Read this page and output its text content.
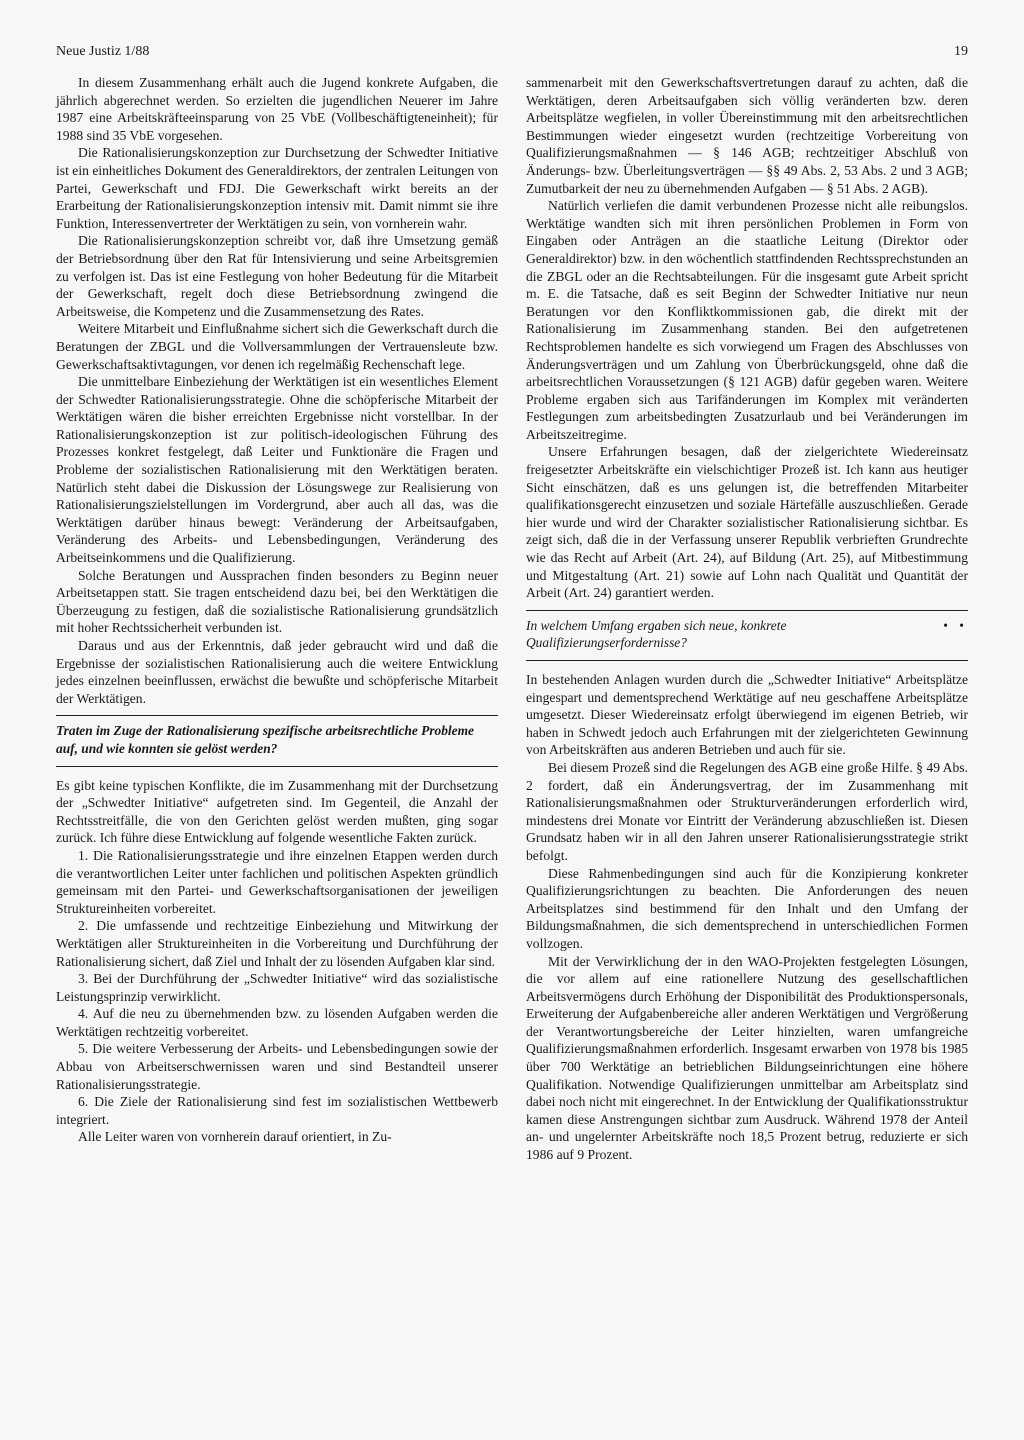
Neue Justiz 1/88	19

In diesem Zusammenhang erhält auch die Jugend konkrete Aufgaben, die jährlich abgerechnet werden. So erzielten die jugendlichen Neuerer im Jahre 1987 eine Arbeitskräfteeinsparung von 25 VbE (Vollbeschäftigteneinheit); für 1988 sind 35 VbE vorgesehen.

Die Rationalisierungskonzeption zur Durchsetzung der Schwedter Initiative ist ein einheitliches Dokument des Generaldirektors, der zentralen Leitungen von Partei, Gewerkschaft und FDJ. Die Gewerkschaft wirkt bereits an der Erarbeitung der Rationalisierungskonzeption intensiv mit. Damit nimmt sie ihre Funktion, Interessenvertreter der Werktätigen zu sein, von vornherein wahr.

Die Rationalisierungskonzeption schreibt vor, daß ihre Umsetzung gemäß der Betriebsordnung über den Rat für Intensivierung und seine Arbeitsgremien zu verfolgen ist. Das ist eine Festlegung von hoher Bedeutung für die Mitarbeit der Gewerkschaft, regelt doch diese Betriebsordnung zwingend die Arbeitsweise, die Kompetenz und die Zusammensetzung des Rates.

Weitere Mitarbeit und Einflußnahme sichert sich die Gewerkschaft durch die Beratungen der ZBGL und die Vollversammlungen der Vertrauensleute bzw. Gewerkschaftsaktivtagungen, vor denen ich regelmäßig Rechenschaft lege.

Die unmittelbare Einbeziehung der Werktätigen ist ein wesentliches Element der Schwedter Rationalisierungsstrategie. Ohne die schöpferische Mitarbeit der Werktätigen wären die bisher erreichten Ergebnisse nicht vorstellbar. In der Rationalisierungskonzeption ist zur politisch-ideologischen Führung des Prozesses konkret festgelegt, daß Leiter und Funktionäre die Fragen und Probleme der sozialistischen Rationalisierung mit den Werktätigen beraten. Natürlich steht dabei die Diskussion der Lösungswege zur Realisierung von Rationalisierungszielstellungen im Vordergrund, aber auch all das, was die Werktätigen darüber hinaus bewegt: Veränderung der Arbeitsaufgaben, Veränderung des Arbeits- und Lebensbedingungen, Veränderung des Arbeitseinkommens und die Qualifizierung.

Solche Beratungen und Aussprachen finden besonders zu Beginn neuer Arbeitsetappen statt. Sie tragen entscheidend dazu bei, bei den Werktätigen die Überzeugung zu festigen, daß die sozialistische Rationalisierung grundsätzlich mit hoher Rechtssicherheit verbunden ist.

Daraus und aus der Erkenntnis, daß jeder gebraucht wird und daß die Ergebnisse der sozialistischen Rationalisierung auch die weitere Entwicklung jedes einzelnen beeinflussen, erwächst die bewußte und schöpferische Mitarbeit der Werktätigen.

Traten im Zuge der Rationalisierung spezifische arbeitsrechtliche Probleme auf, und wie konnten sie gelöst werden?

Es gibt keine typischen Konflikte, die im Zusammenhang mit der Durchsetzung der „Schwedter Initiative“ aufgetreten sind. Im Gegenteil, die Anzahl der Rechtsstreitfälle, die von den Gerichten gelöst werden mußten, ging sogar zurück. Ich führe diese Entwicklung auf folgende wesentliche Fakten zurück.

1. Die Rationalisierungsstrategie und ihre einzelnen Etappen werden durch die verantwortlichen Leiter unter fachlichen und politischen Aspekten gründlich gemeinsam mit den Partei- und Gewerkschaftsorganisationen der jeweiligen Struktureinheiten vorbereitet.

2. Die umfassende und rechtzeitige Einbeziehung und Mitwirkung der Werktätigen aller Struktureinheiten in die Vorbereitung und Durchführung der Rationalisierung sichert, daß Ziel und Inhalt der zu lösenden Aufgaben klar sind.

3. Bei der Durchführung der „Schwedter Initiative“ wird das sozialistische Leistungsprinzip verwirklicht.

4. Auf die neu zu übernehmenden bzw. zu lösenden Aufgaben werden die Werktätigen rechtzeitig vorbereitet.

5. Die weitere Verbesserung der Arbeits- und Lebensbedingungen sowie der Abbau von Arbeitserschwernissen waren und sind Bestandteil unserer Rationalisierungsstrategie.

6. Die Ziele der Rationalisierung sind fest im sozialistischen Wettbewerb integriert.

Alle Leiter waren von vornherein darauf orientiert, in Zu-

sammenarbeit mit den Gewerkschaftsvertretungen darauf zu achten, daß die Werktätigen, deren Arbeitsaufgaben sich völlig veränderten bzw. deren Arbeitsplätze wegfielen, in voller Übereinstimmung mit den arbeitsrechtlichen Bestimmungen wieder eingesetzt wurden (rechtzeitige Vorbereitung von Qualifizierungsmaßnahmen — § 146 AGB; rechtzeitiger Abschluß von Änderungs- bzw. Überleitungsverträgen — §§ 49 Abs. 2, 53 Abs. 2 und 3 AGB; Zumutbarkeit der neu zu übernehmenden Aufgaben — § 51 Abs. 2 AGB).

Natürlich verliefen die damit verbundenen Prozesse nicht alle reibungslos. Werktätige wandten sich mit ihren persönlichen Problemen in Form von Eingaben oder Anträgen an die staatliche Leitung (Direktor oder Generaldirektor) bzw. in den wöchentlich stattfindenden Rechtssprechstunden an die ZBGL oder an die Rechtsabteilungen. Für die insgesamt gute Arbeit spricht m. E. die Tatsache, daß es seit Beginn der Schwedter Initiative nur neun Beratungen vor den Konfliktkommissionen gab, die direkt mit der Rationalisierung im Zusammenhang standen. Bei den aufgetretenen Rechtsproblemen handelte es sich vorwiegend um Fragen des Abschlusses von Änderungsverträgen und um Zahlung von Überbrückungsgeld, ohne daß die arbeitsrechtlichen Voraussetzungen (§ 121 AGB) dafür gegeben waren. Weitere Probleme ergaben sich aus Tarifänderungen im Komplex mit veränderten Festlegungen zum arbeitsbedingten Zusatzurlaub und bei Veränderungen im Arbeitszeitregime.

Unsere Erfahrungen besagen, daß der zielgerichtete Wiedereinsatz freigesetzter Arbeitskräfte ein vielschichtiger Prozeß ist. Ich kann aus heutiger Sicht einschätzen, daß es uns gelungen ist, die betreffenden Mitarbeiter qualifikationsgerecht einzusetzen und soziale Härtefälle auszuschließen. Gerade hier wurde und wird der Charakter sozialistischer Rationalisierung sichtbar. Es zeigt sich, daß die in der Verfassung unserer Republik verbrieften Grundrechte wie das Recht auf Arbeit (Art. 24), auf Bildung (Art. 25), auf Mitbestimmung und Mitgestaltung (Art. 21) sowie auf Lohn nach Qualität und Quantität der Arbeit (Art. 24) garantiert werden.

• •
In welchem Umfang ergaben sich neue, konkrete Qualifizierungserfordernisse?

In bestehenden Anlagen wurden durch die „Schwedter Initiative“ Arbeitsplätze eingespart und dementsprechend Werktätige auf neu geschaffene Arbeitsplätze umgesetzt. Dieser Wiedereinsatz erfolgt überwiegend im eigenen Betrieb, wir haben in Schwedt jedoch auch Erfahrungen mit der zielgerichteten Gewinnung von Arbeitskräften aus anderen Betrieben und auch für sie.

Bei diesem Prozeß sind die Regelungen des AGB eine große Hilfe. § 49 Abs. 2 fordert, daß ein Änderungsvertrag, der im Zusammenhang mit Rationalisierungsmaßnahmen oder Strukturveränderungen erforderlich wird, mindestens drei Monate vor Eintritt der Veränderung abzuschließen ist. Diesen Grundsatz haben wir in all den Jahren unserer Rationalisierungsstrategie strikt befolgt.

Diese Rahmenbedingungen sind auch für die Konzipierung konkreter Qualifizierungsrichtungen zu beachten. Die Anforderungen des neuen Arbeitsplatzes sind bestimmend für den Inhalt und den Umfang der Bildungsmaßnahmen, die sich dementsprechend in unterschiedlichen Formen vollzogen.

Mit der Verwirklichung der in den WAO-Projekten festgelegten Lösungen, die vor allem auf eine rationellere Nutzung des gesellschaftlichen Arbeitsvermögens durch Erhöhung der Disponibilität des Produktionspersonals, Erweiterung der Aufgabenbereiche aller anderen Werktätigen und Vergrößerung der Verantwortungsbereiche der Leiter hinzielten, waren umfangreiche Qualifizierungsmaßnahmen erforderlich. Insgesamt erwarben von 1978 bis 1985 über 700 Werktätige an betrieblichen Bildungseinrichtungen eine höhere Qualifikation. Notwendige Qualifizierungen unmittelbar am Arbeitsplatz sind dabei noch nicht mit eingerechnet. In der Entwicklung der Qualifikationsstruktur kamen diese Anstrengungen sichtbar zum Ausdruck. Während 1978 der Anteil an- und ungelernter Arbeitskräfte noch 18,5 Prozent betrug, reduzierte er sich 1986 auf 9 Prozent.
